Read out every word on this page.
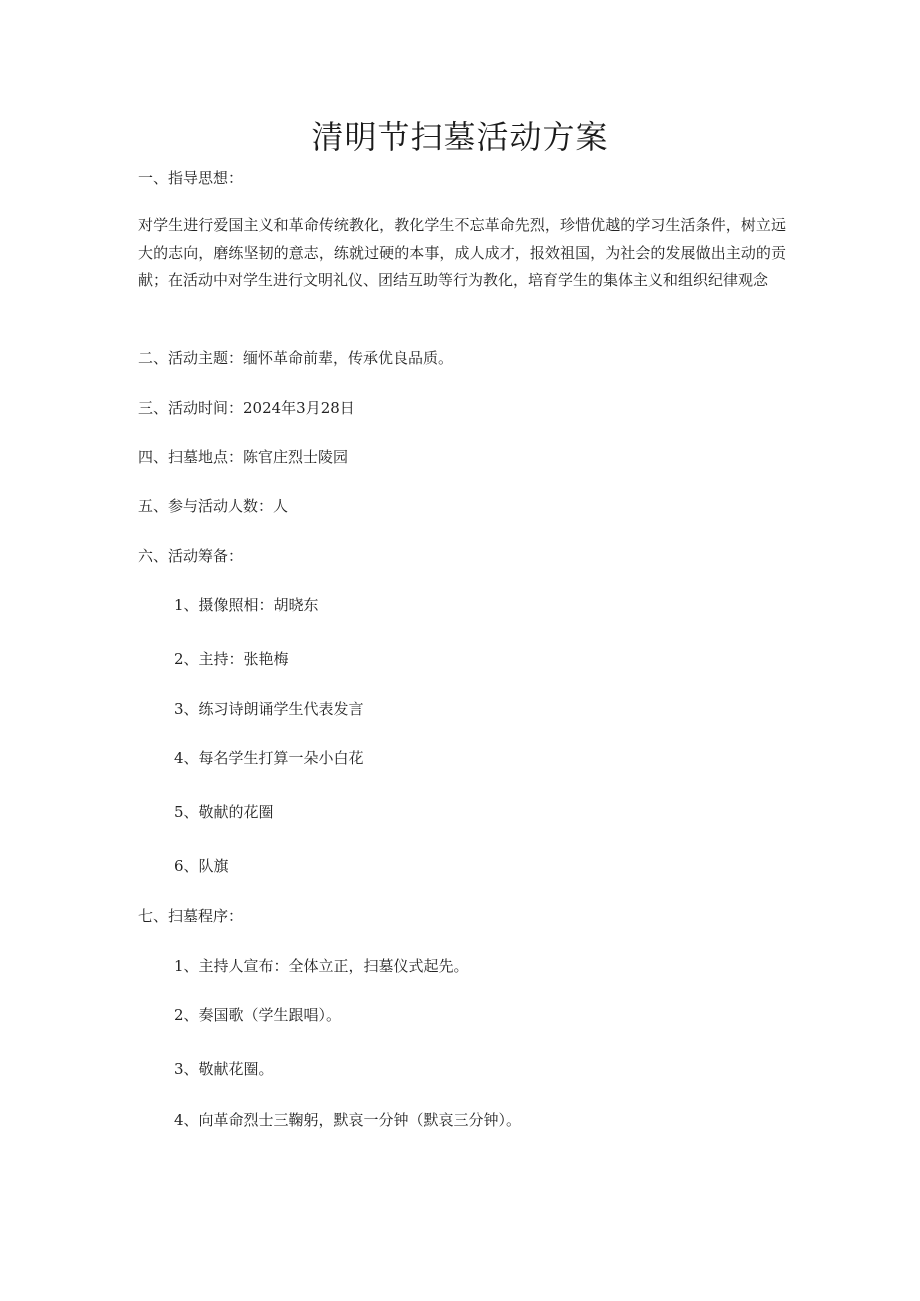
清明节扫墓活动方案
一、指导思想：
对学生进行爱国主义和革命传统教化，教化学生不忘革命先烈，珍惜优越的学习生活条件，树立远大的志向，磨练坚韧的意志，练就过硬的本事，成人成才，报效祖国，为社会的发展做出主动的贡献；在活动中对学生进行文明礼仪、团结互助等行为教化，培育学生的集体主义和组织纪律观念
二、活动主题：缅怀革命前辈，传承优良品质。
三、活动时间：2024年3月28日
四、扫墓地点：陈官庄烈士陵园
五、参与活动人数：人
六、活动筹备：
1、摄像照相：胡晓东
2、主持：张艳梅
3、练习诗朗诵学生代表发言
4、每名学生打算一朵小白花
5、敬献的花圈
6、队旗
七、扫墓程序：
1、主持人宣布：全体立正，扫墓仪式起先。
2、奏国歌（学生跟唱）。
3、敬献花圈。
4、向革命烈士三鞠躬，默哀一分钟（默哀三分钟）。
